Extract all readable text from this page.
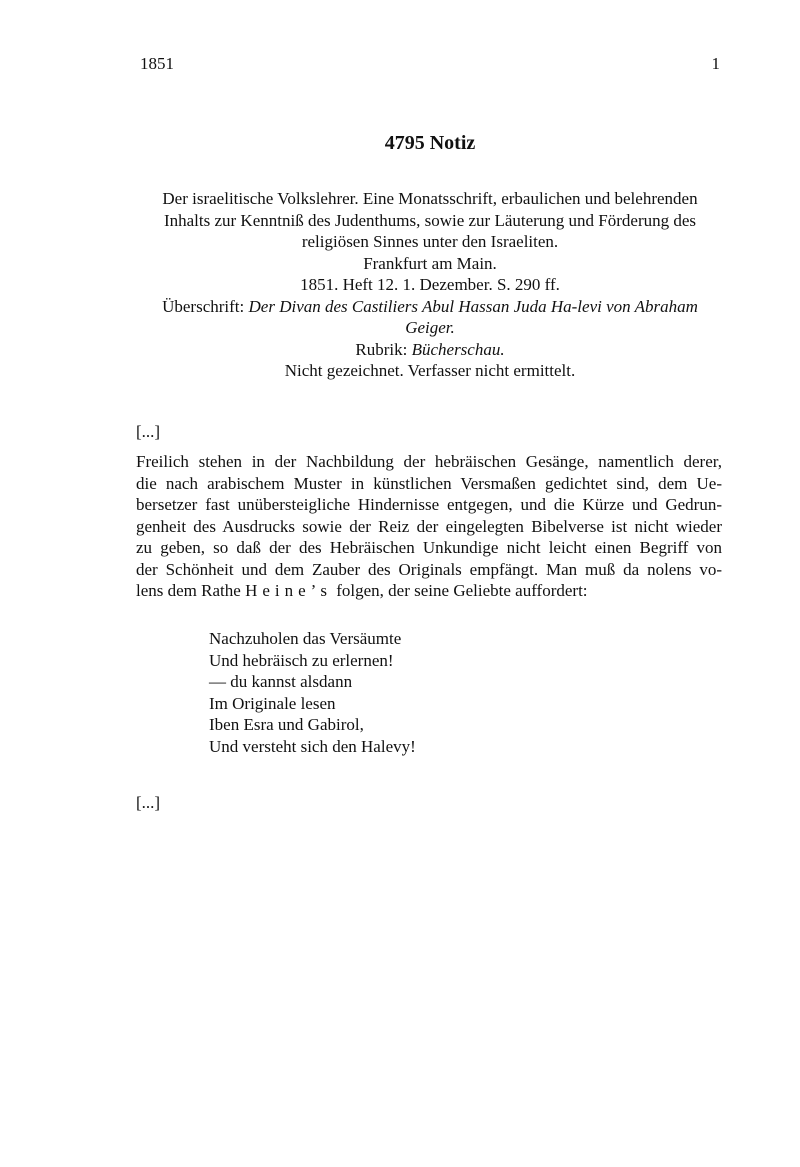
1851	1
4795 Notiz
Der israelitische Volkslehrer. Eine Monatsschrift, erbaulichen und belehrenden
Inhalts zur Kenntniß des Judenthums, sowie zur Läuterung und Förderung des
religiösen Sinnes unter den Israeliten.
Frankfurt am Main.
1851. Heft 12. 1. Dezember. S. 290 ff.
Überschrift: Der Divan des Castiliers Abul Hassan Juda Ha-levi von Abraham
Geiger.
Rubrik: Bücherschau.
Nicht gezeichnet. Verfasser nicht ermittelt.
[...]
Freilich stehen in der Nachbildung der hebräischen Gesänge, namentlich derer,
die nach arabischem Muster in künstlichen Versmaßen gedichtet sind, dem Ue-
bersetzer fast unübersteigliche Hindernisse entgegen, und die Kürze und Gedrun-
genheit des Ausdrucks sowie der Reiz der eingelegten Bibelverse ist nicht wieder
zu geben, so daß der des Hebräischen Unkundige nicht leicht einen Begriff von
der Schönheit und dem Zauber des Originals empfängt. Man muß da nolens vo-
lens dem Rathe Heine’s folgen, der seine Geliebte auffordert:
Nachzuholen das Versäumte
Und hebräisch zu erlernen!
— du kannst alsdann
Im Originale lesen
Iben Esra und Gabirol,
Und versteht sich den Halevy!
[...]
